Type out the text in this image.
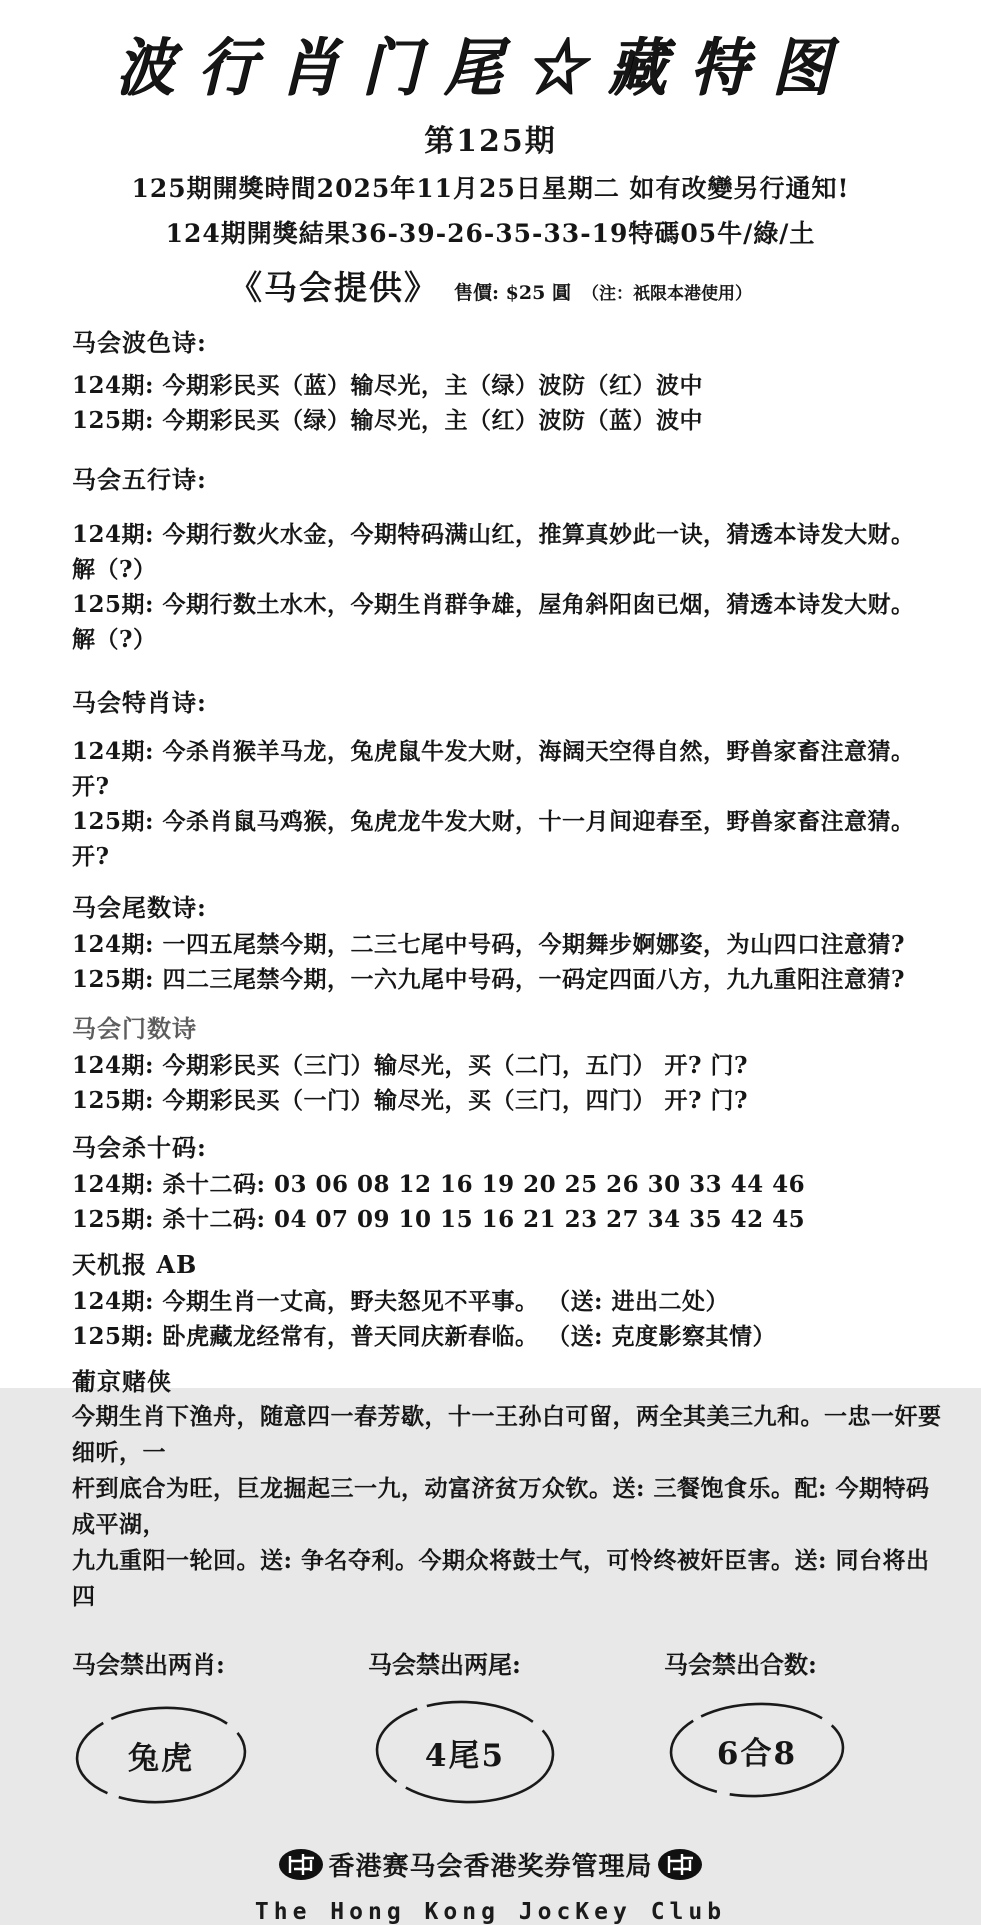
波行肖门尾☆藏特图
第125期
125期開獎時間2025年11月25日星期二 如有改變另行通知!
124期開獎結果36-39-26-35-33-19特碼05牛/綠/土
《马会提供》 售價: $25 圓 （注：祇限本港使用）
马会波色诗:

124期: 今期彩民买（蓝）输尽光，主（绿）波防（红）波中

125期: 今期彩民买（绿）输尽光，主（红）波防（蓝）波中

马会五行诗:

124期: 今期行数火水金，今期特码满山红，推算真妙此一诀，猜透本诗发大财。 解（?）

125期: 今期行数土水木，今期生肖群争雄，屋角斜阳囱已烟，猜透本诗发大财。 解（?）

马会特肖诗:

124期: 今杀肖猴羊马龙，兔虎鼠牛发大财，海阔天空得自然，野兽家畜注意猜。 开?

125期: 今杀肖鼠马鸡猴，兔虎龙牛发大财，十一月间迎春至，野兽家畜注意猜。 开?

马会尾数诗:

124期: 一四五尾禁今期，二三七尾中号码，今期舞步婀娜姿，为山四口注意猜?

125期: 四二三尾禁今期，一六九尾中号码，一码定四面八方，九九重阳注意猜?

马会门数诗

124期: 今期彩民买（三门）输尽光，买（二门，五门） 开? 门?

125期: 今期彩民买（一门）输尽光，买（三门，四门） 开? 门?

马会杀十码:

124期: 杀十二码: 03 06 08 12 16 19 20 25 26 30 33 44 46

125期: 杀十二码: 04 07 09 10 15 16 21 23 27 34 35 42 45

天机报 AB

124期: 今期生肖一丈高，野夫怒见不平事。 （送: 进出二处）

125期: 卧虎藏龙经常有，普天同庆新春临。 （送: 克度影察其情）

葡京赌侠

今期生肖下渔舟，随意四一春芳歇，十一王孙白可留，两全其美三九和。一忠一奸要细听，一

杆到底合为旺，巨龙掘起三一九，动富济贫万众钦。送: 三餐饱食乐。配: 今期特码成平湖，

九九重阳一轮回。送: 争名夺利。今期众将鼓士气，可怜终被奸臣害。送: 同台将出四

马会禁出两肖:
兔虎
马会禁出两尾:
4尾5
马会禁出合数:
6合8
香港赛马会香港奖券管理局
The Hong Kong JocKey Club
